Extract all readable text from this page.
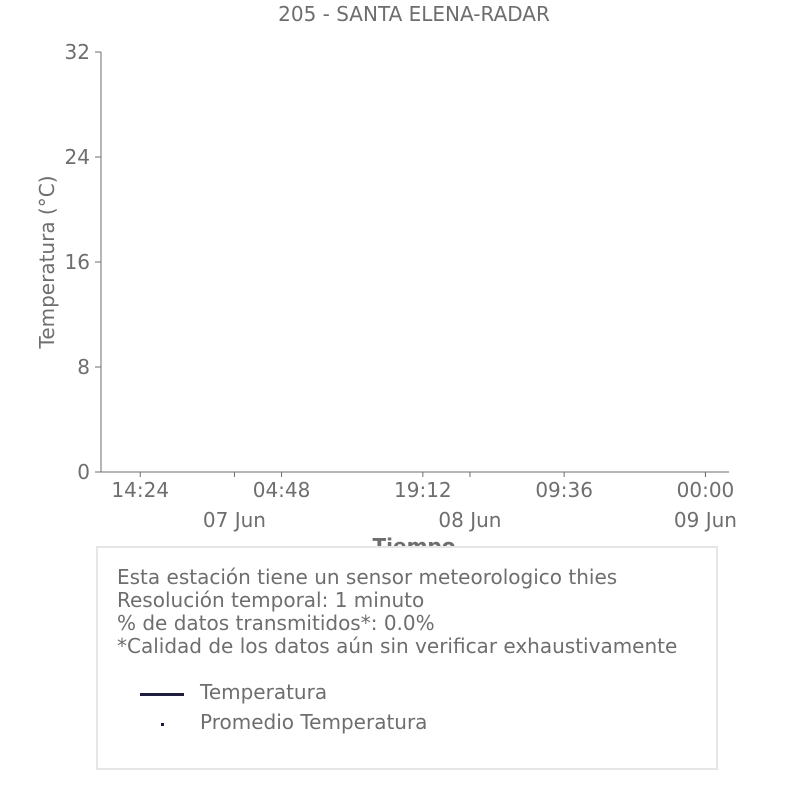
205 - SANTA ELENA-RADAR
0
8
16
24
32
14:24	04:48	19:12	09:36	00:00
07 Jun	08 Jun	09 Jun
Temperatura (°C)
Esta estación tiene un sensor meteorologico thies
Resolución temporal: 1 minuto
% de datos transmitidos*: 0.0%
*Calidad de los datos aún sin verificar exhaustivamente
Temperatura
Promedio Temperatura
